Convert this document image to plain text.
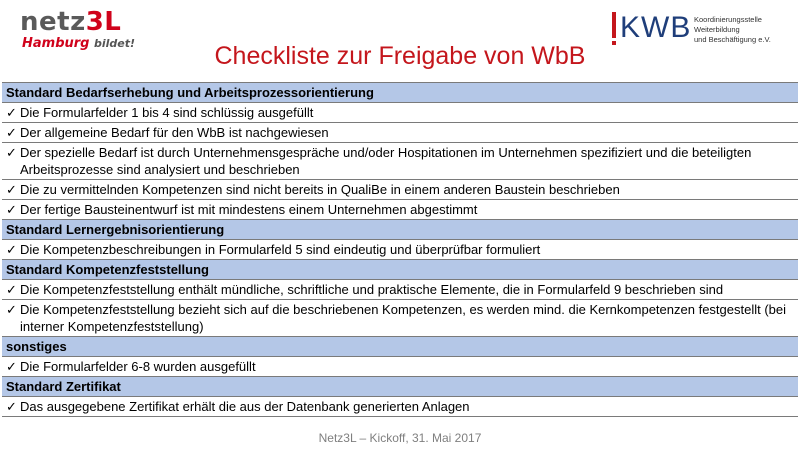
netz3L
Hamburg bildet!	KWB Koordinierungsstelle
Weiterbildung
und Beschäftigung e.V.
Checkliste zur Freigabe von WbB
Standard Bedarfserhebung und Arbeitsprozessorientierung
✓ Die Formularfelder 1 bis 4 sind schlüssig ausgefüllt
✓ Der allgemeine Bedarf für den WbB ist nachgewiesen
✓ Der spezielle Bedarf ist durch Unternehmensgespräche und/oder Hospitationen im Unternehmen spezifiziert und die beteiligten Arbeitsprozesse sind analysiert und beschrieben
✓ Die zu vermittelnden Kompetenzen sind nicht bereits in QualiBe in einem anderen Baustein beschrieben
✓ Der fertige Bausteinentwurf ist mit mindestens einem Unternehmen abgestimmt
Standard Lernergebnisorientierung
✓ Die Kompetenzbeschreibungen in Formularfeld 5 sind eindeutig und überprüfbar formuliert
Standard Kompetenzfeststellung
✓ Die Kompetenzfeststellung enthält mündliche, schriftliche und praktische Elemente, die in Formularfeld 9 beschrieben sind
✓ Die Kompetenzfeststellung bezieht sich auf die beschriebenen Kompetenzen, es werden mind. die Kernkompetenzen festgestellt (bei interner Kompetenzfeststellung)
sonstiges
✓ Die Formularfelder 6-8 wurden ausgefüllt
Standard Zertifikat
✓ Das ausgegebene Zertifikat erhält die aus der Datenbank generierten Anlagen
Netz3L – Kickoff, 31. Mai 2017
